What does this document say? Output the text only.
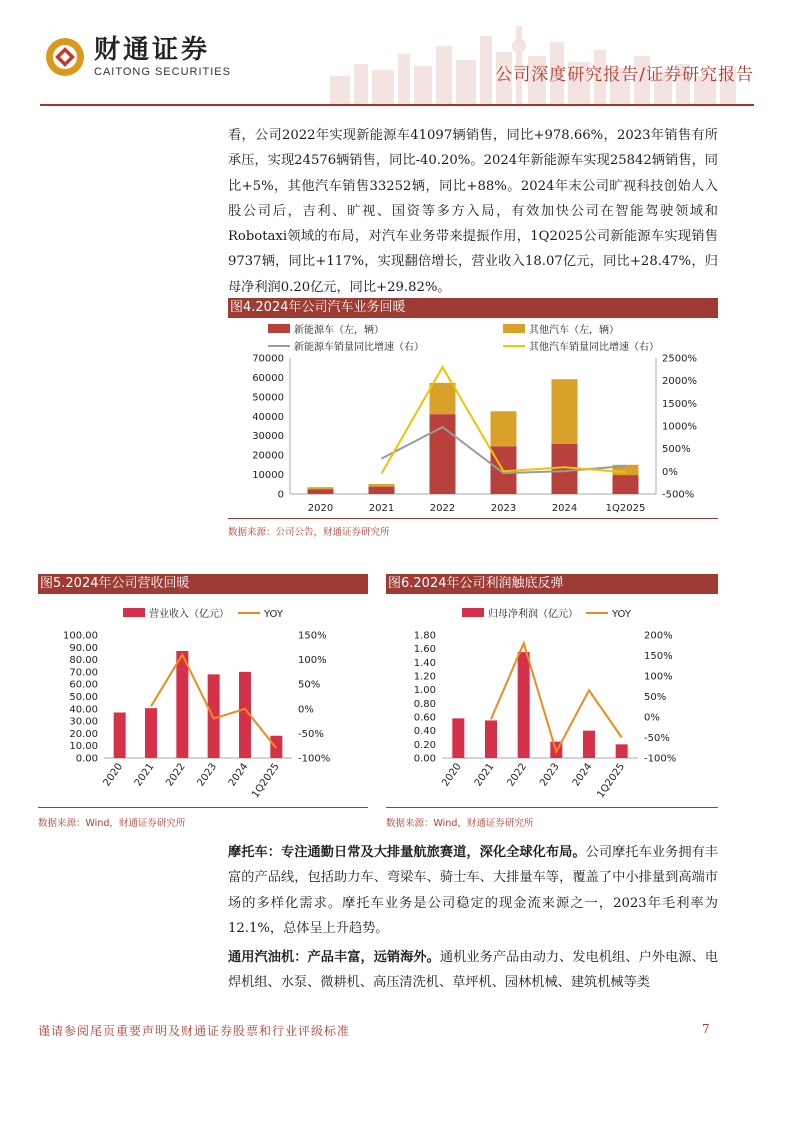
财通证券
CAITONG SECURITIES	公司深度研究报告/证券研究报告
看，公司2022年实现新能源车41097辆销售，同比+978.66%，2023年销售有所承压，实现24576辆销售，同比-40.20%。2024年新能源车实现25842辆销售，同比+5%，其他汽车销售33252辆，同比+88%。2024年末公司旷视科技创始人入股公司后，吉利、旷视、国资等多方入局，有效加快公司在智能驾驶领域和Robotaxi领域的布局，对汽车业务带来提振作用，1Q2025公司新能源车实现销售9737辆，同比+117%，实现翻倍增长，营业收入18.07亿元，同比+28.47%，归母净利润0.20亿元，同比+29.82%。
图4.2024年公司汽车业务回暖
新能源车（左，辆）	其他汽车（左，辆）
新能源车销量同比增速（右）	其他汽车销量同比增速（右）
0
10000
20000
30000
40000
50000
60000
70000
-500%
0%
500%
1000%
1500%
2000%
2500%
2020	2021	2022	2023	2024	1Q2025
数据来源：公司公告，财通证券研究所
图5.2024年公司营收回暖
营业收入（亿元）	YOY
0.00
10.00
20.00
30.00
40.00
50.00
60.00
70.00
80.00
90.00
100.00
-100%
-50%
0%
50%
100%
150%
2020 2021 2022 2023 2024 1Q2025
数据来源：Wind，财通证券研究所
图6.2024年公司利润触底反弹
归母净利润（亿元）	YOY
0.00
0.20
0.40
0.60
0.80
1.00
1.20
1.40
1.60
1.80
-100%
-50%
0%
50%
100%
150%
200%
2020 2021 2022 2023 2024 1Q2025
数据来源：Wind，财通证券研究所
摩托车：专注通勤日常及大排量航旅赛道，深化全球化布局。公司摩托车业务拥有丰富的产品线，包括助力车、弯梁车、骑士车、大排量车等，覆盖了中小排量到高端市场的多样化需求。摩托车业务是公司稳定的现金流来源之一，2023年毛利率为12.1%，总体呈上升趋势。
通用汽油机：产品丰富，远销海外。通机业务产品由动力、发电机组、户外电源、电焊机组、水泵、微耕机、高压清洗机、草坪机、园林机械、建筑机械等类
谨请参阅尾页重要声明及财通证券股票和行业评级标准	7
